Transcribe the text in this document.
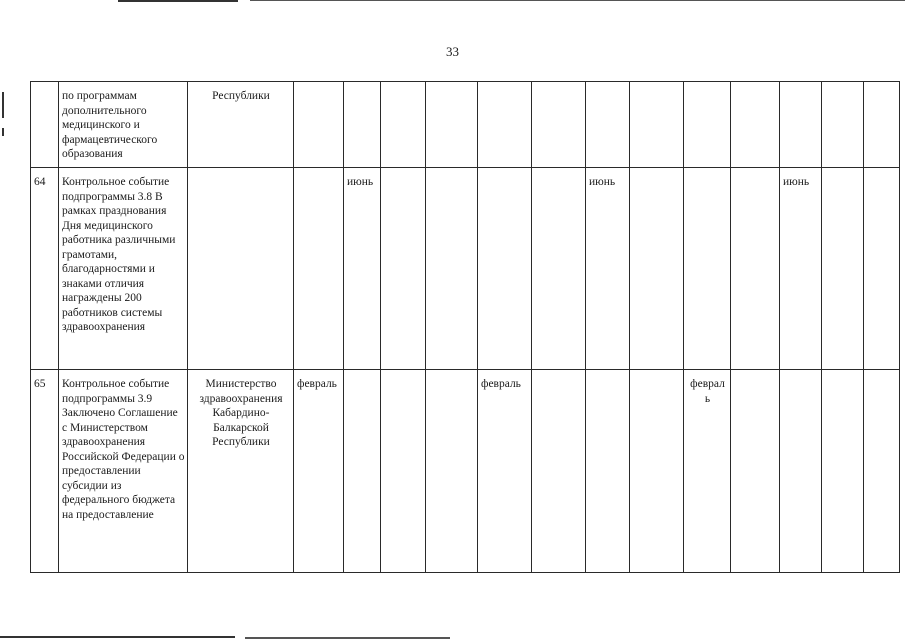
33
	по программам дополнительного медицинского и фармацевтического образования	Республики													
64	Контрольное событие подпрограммы 3.8 В рамках празднования Дня медицинского работника различными грамотами, благодарностями и знаками отличия награждены 200 работников системы здравоохранения			июнь					июнь				июнь		
65	Контрольное событие подпрограммы 3.9 Заключено Соглашение с Министерством здравоохранения Российской Федерации о предоставлении субсидии из федерального бюджета на предоставление	Министерство здравоохранения Кабардино-Балкарской Республики	февраль				февраль				феврал ь				
